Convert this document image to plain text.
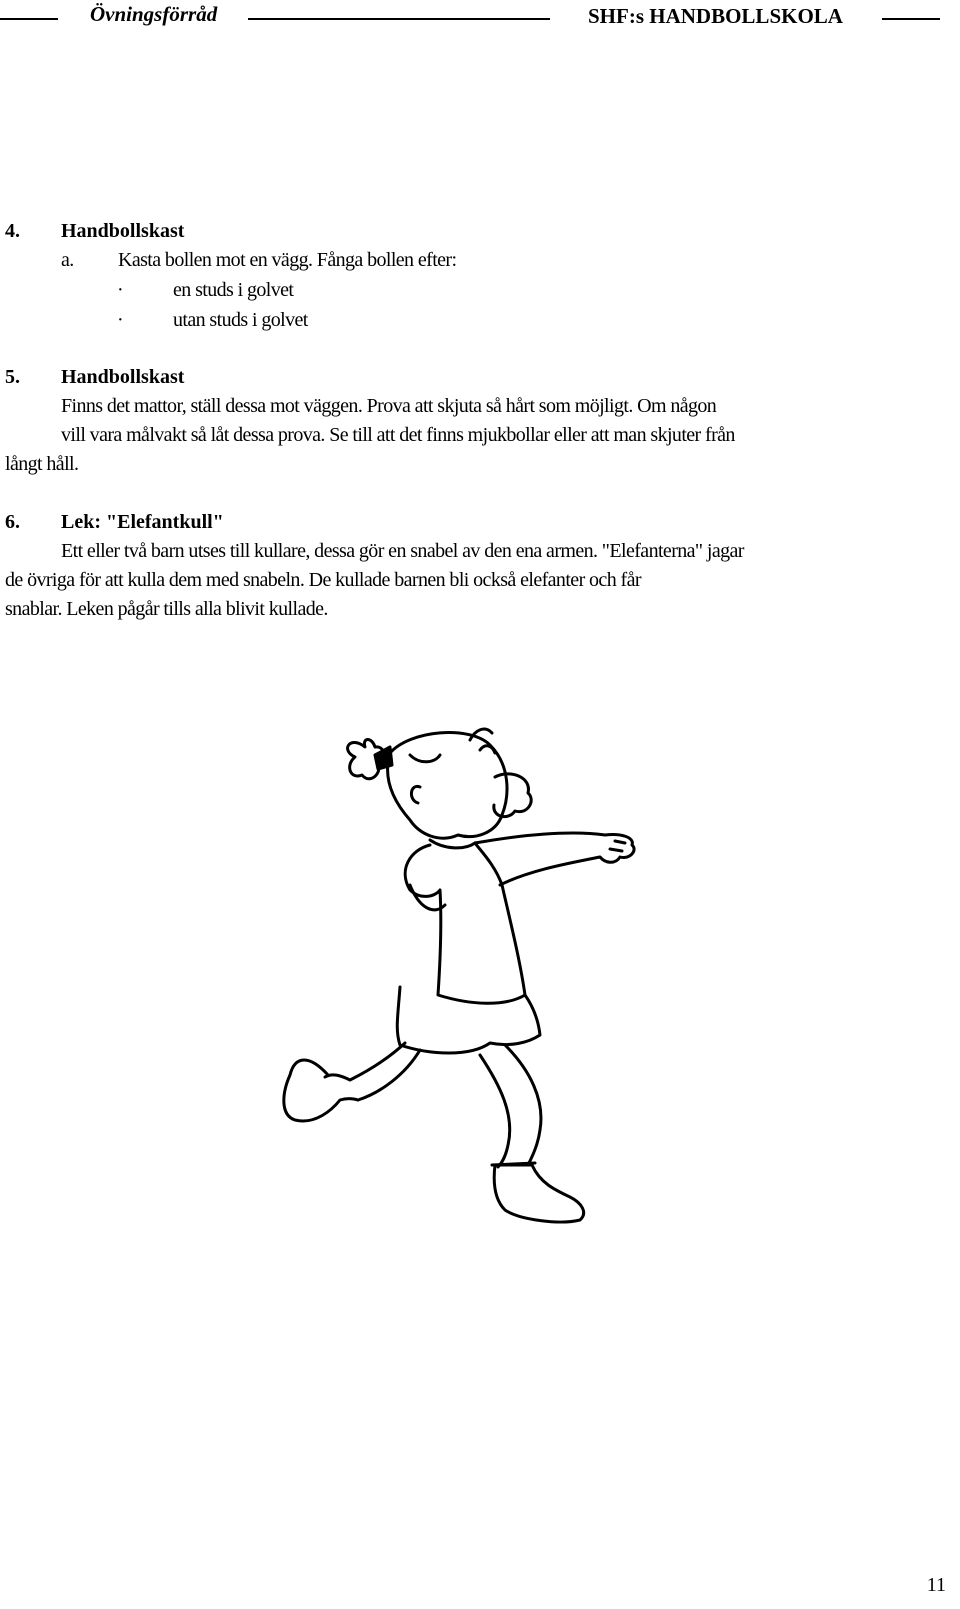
Övningsförråd	SHF:s HANDBOLLSKOLA
4. Handbollskast
a. Kasta bollen mot en vägg. Fånga bollen efter:
· en studs i golvet
· utan studs i golvet
5. Handbollskast
Finns det mattor, ställ dessa mot väggen. Prova att skjuta så hårt som möjligt. Om någon
vill vara målvakt så låt dessa prova. Se till att det finns mjukbollar eller att man skjuter från
långt håll.
6. Lek: "Elefantkull"
Ett eller två barn utses till kullare, dessa gör en snabel av den ena armen. "Elefanterna" jagar
de övriga för att kulla dem med snabeln. De kullade barnen bli också elefanter och får
snablar. Leken pågår tills alla blivit kullade.
11
